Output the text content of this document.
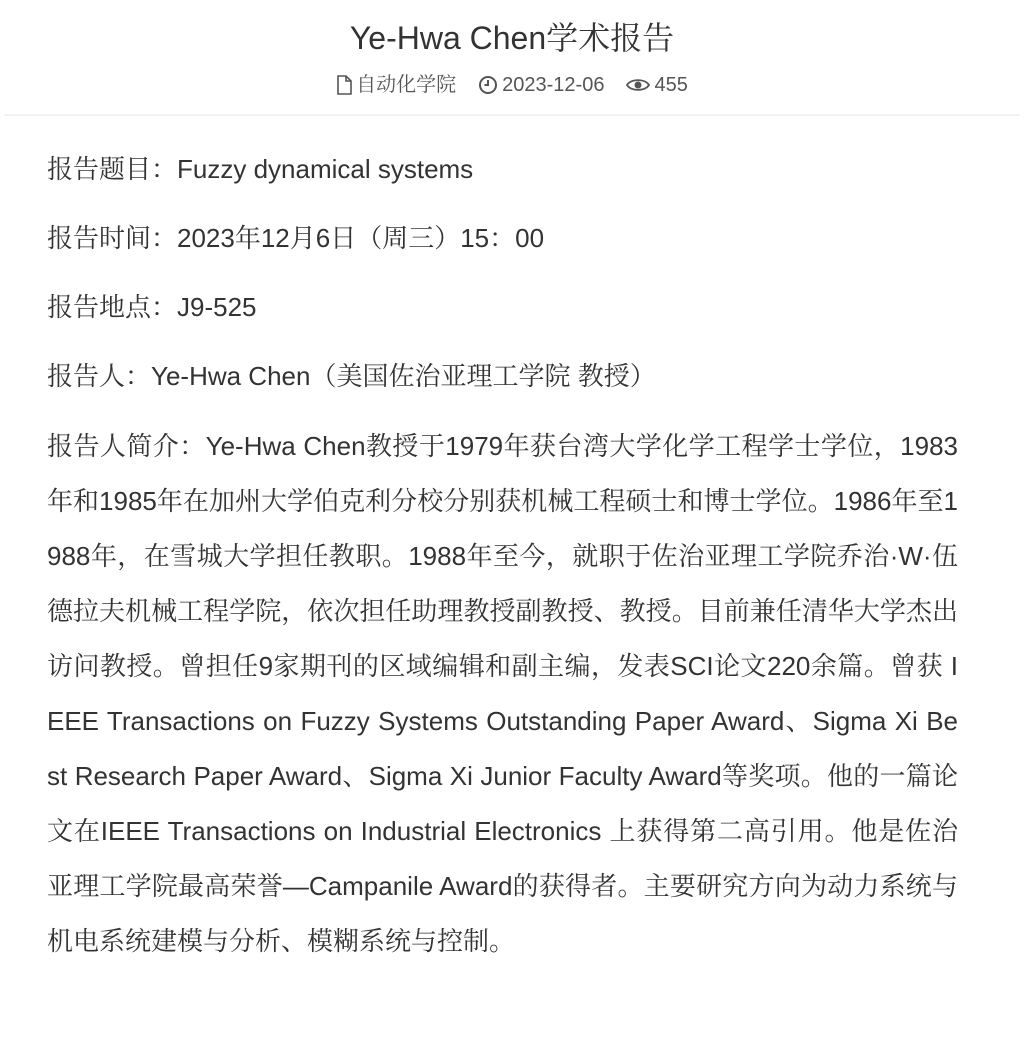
Ye-Hwa Chen学术报告
自动化学院 2023-12-06	455

报告题目：Fuzzy dynamical systems

报告时间：2023年12月6日（周三）15：00

报告地点：J9-525

报告人：Ye-Hwa Chen（美国佐治亚理工学院 教授）

报告人简介：Ye-Hwa Chen教授于1979年获台湾大学化学工程学士学位，1983年和1985年在加州大学伯克利分校分别获机械工程硕士和博士学位。1986年至1988年，在雪城大学担任教职。1988年至今，就职于佐治亚理工学院乔治·W·伍德拉夫机械工程学院，依次担任助理教授副教授、教授。目前兼任清华大学杰出访问教授。曾担任9家期刊的区域编辑和副主编，发表SCI论文220余篇。曾获 IEEE Transactions on Fuzzy Systems Outstanding Paper Award、Sigma Xi Best Research Paper Award、Sigma Xi Junior Faculty Award等奖项。他的一篇论文在IEEE Transactions on Industrial Electronics 上获得第二高引用。他是佐治亚理工学院最高荣誉—Campanile Award的获得者。主要研究方向为动力系统与机电系统建模与分析、模糊系统与控制。
